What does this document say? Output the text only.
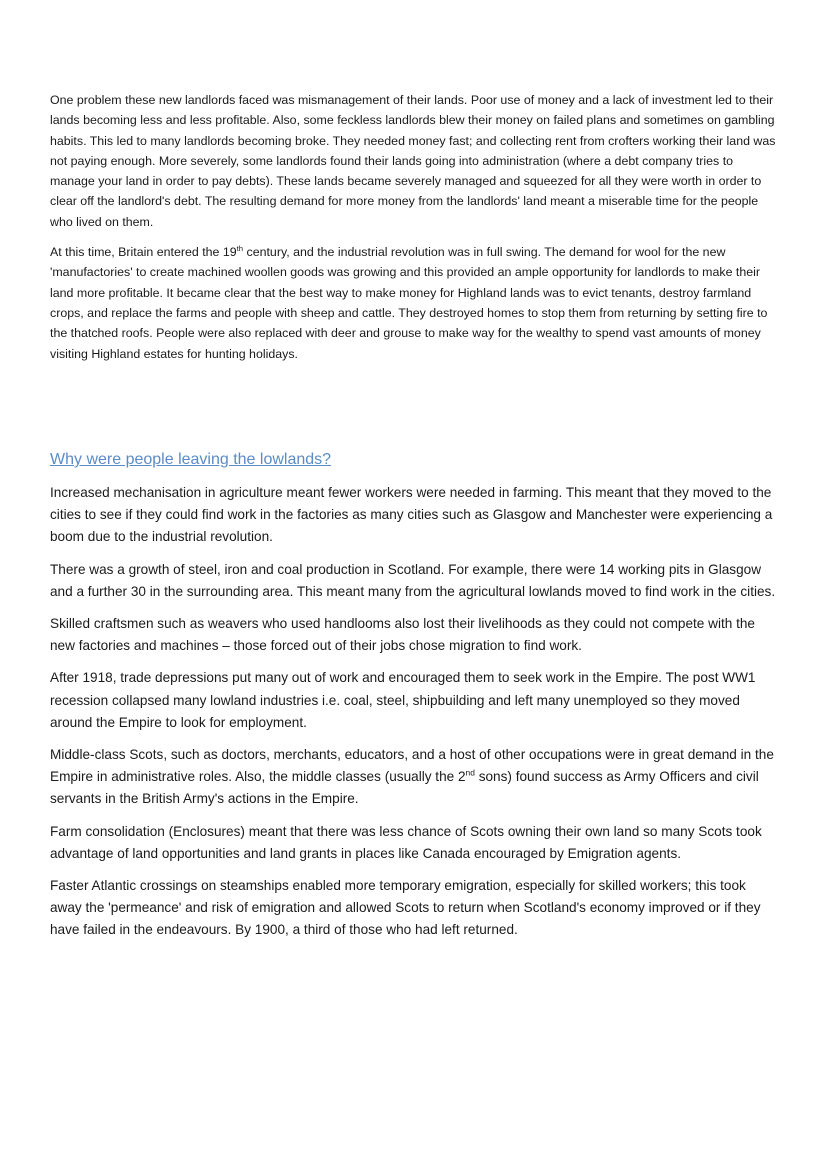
One problem these new landlords faced was mismanagement of their lands. Poor use of money and a lack of investment led to their lands becoming less and less profitable. Also, some feckless landlords blew their money on failed plans and sometimes on gambling habits. This led to many landlords becoming broke. They needed money fast; and collecting rent from crofters working their land was not paying enough. More severely, some landlords found their lands going into administration (where a debt company tries to manage your land in order to pay debts). These lands became severely managed and squeezed for all they were worth in order to clear off the landlord's debt. The resulting demand for more money from the landlords' land meant a miserable time for the people who lived on them.

At this time, Britain entered the 19th century, and the industrial revolution was in full swing. The demand for wool for the new 'manufactories' to create machined woollen goods was growing and this provided an ample opportunity for landlords to make their land more profitable. It became clear that the best way to make money for Highland lands was to evict tenants, destroy farmland crops, and replace the farms and people with sheep and cattle. They destroyed homes to stop them from returning by setting fire to the thatched roofs. People were also replaced with deer and grouse to make way for the wealthy to spend vast amounts of money visiting Highland estates for hunting holidays.

Why were people leaving the lowlands?

Increased mechanisation in agriculture meant fewer workers were needed in farming. This meant that they moved to the cities to see if they could find work in the factories as many cities such as Glasgow and Manchester were experiencing a boom due to the industrial revolution.

There was a growth of steel, iron and coal production in Scotland. For example, there were 14 working pits in Glasgow and a further 30 in the surrounding area. This meant many from the agricultural lowlands moved to find work in the cities.

Skilled craftsmen such as weavers who used handlooms also lost their livelihoods as they could not compete with the new factories and machines – those forced out of their jobs chose migration to find work.

After 1918, trade depressions put many out of work and encouraged them to seek work in the Empire. The post WW1 recession collapsed many lowland industries i.e. coal, steel, shipbuilding and left many unemployed so they moved around the Empire to look for employment.

Middle-class Scots, such as doctors, merchants, educators, and a host of other occupations were in great demand in the Empire in administrative roles. Also, the middle classes (usually the 2nd sons) found success as Army Officers and civil servants in the British Army's actions in the Empire.

Farm consolidation (Enclosures) meant that there was less chance of Scots owning their own land so many Scots took advantage of land opportunities and land grants in places like Canada encouraged by Emigration agents.

Faster Atlantic crossings on steamships enabled more temporary emigration, especially for skilled workers; this took away the 'permeance' and risk of emigration and allowed Scots to return when Scotland's economy improved or if they have failed in the endeavours. By 1900, a third of those who had left returned.
